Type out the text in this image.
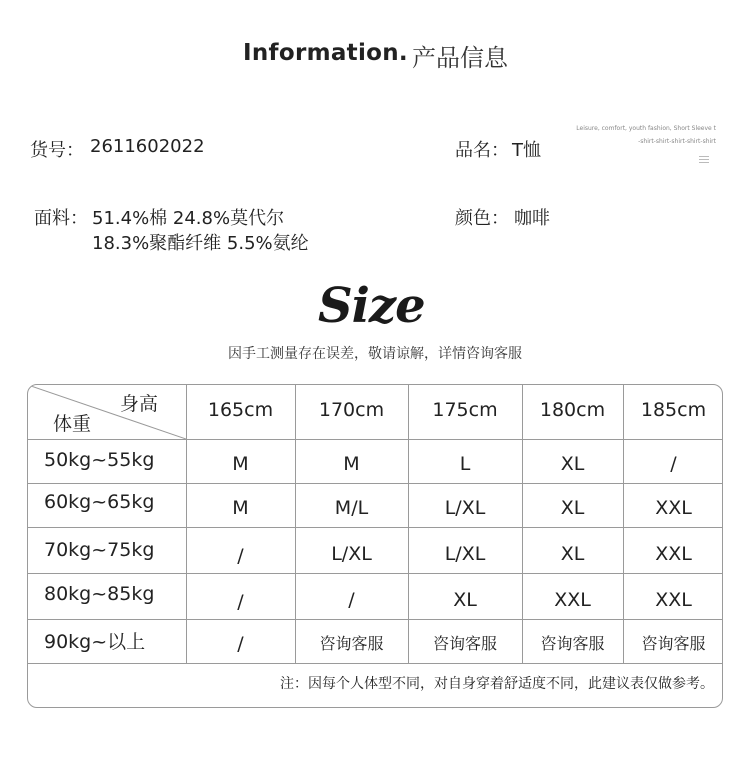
Information. 产品信息
货号： 2611602022	品名： T恤
面料： 51.4%棉 24.8%莫代尔
18.3%聚酯纤维 5.5%氨纶
颜色： 咖啡
Leisure, comfort, youth fashion, Short Sleeve t
-shirt-shirt-shirt-shirt-shirt
Size
因手工测量存在误差，敬请谅解，详情咨询客服
身高
体重
165cm	170cm	175cm	180cm	185cm
50kg~55kg	M	M	L	XL	/
60kg~65kg	M	M/L	L/XL	XL	XXL
70kg~75kg	/	L/XL	L/XL	XL	XXL
80kg~85kg	/	/	XL	XXL	XXL
90kg~以上	/	咨询客服	咨询客服	咨询客服	咨询客服
注：因每个人体型不同，对自身穿着舒适度不同，此建议表仅做参考。
